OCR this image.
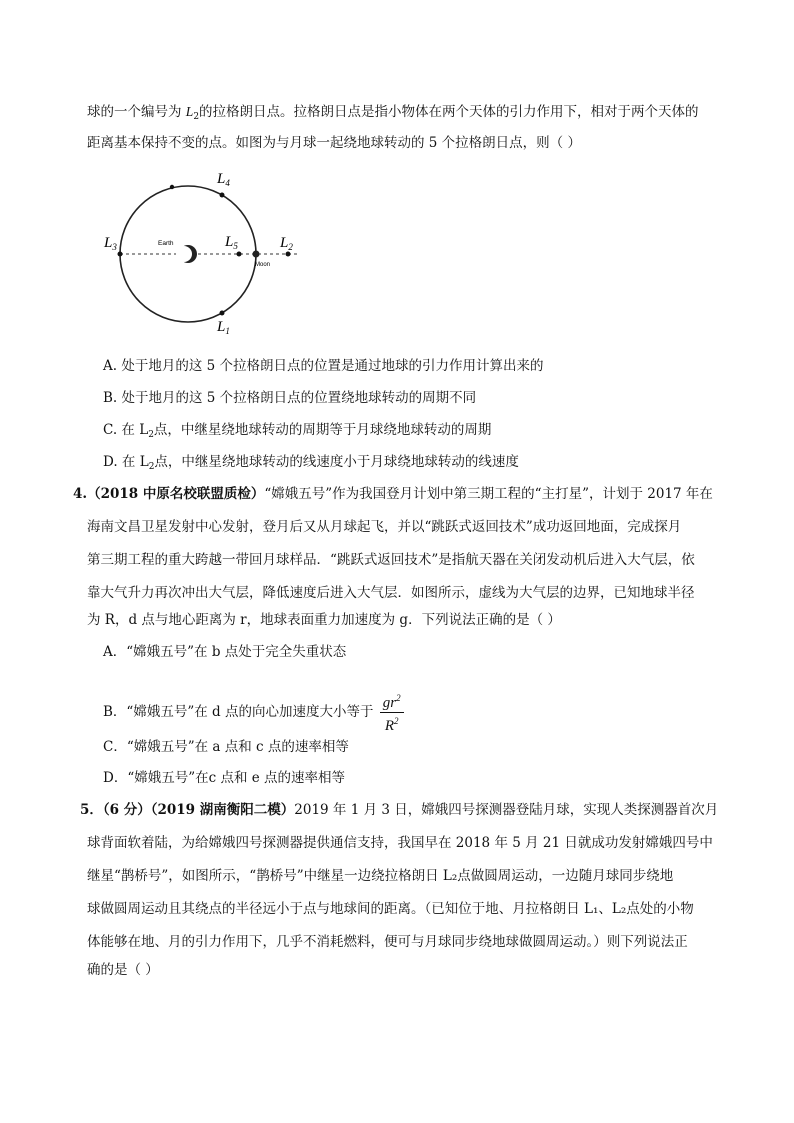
球的一个编号为 $L_2$的拉格朗日点。拉格朗日点是指小物体在两个天体的引力作用下，相对于两个天体的
距离基本保持不变的点。如图为与月球一起绕地球转动的 5 个拉格朗日点，则（ ）
Earth
Moon
$L_3$	$L_5$	$L_2$
$L_4$
$L_1$
A. 处于地月的这 5 个拉格朗日点的位置是通过地球的引力作用计算出来的
B. 处于地月的这 5 个拉格朗日点的位置绕地球转动的周期不同
C. 在 $L_2$点，中继星绕地球转动的周期等于月球绕地球转动的周期
D. 在 $L_2$点，中继星绕地球转动的线速度小于月球绕地球转动的线速度
4.（2018 中原名校联盟质检）“嫦娥五号”作为我国登月计划中第三期工程的“主打星”，计划于 2017 年在
海南文昌卫星发射中心发射，登月后又从月球起飞，并以“跳跃式返回技术”成功返回地面，完成探月
第三期工程的重大跨越一带回月球样品．“跳跃式返回技术”是指航天器在关闭发动机后进入大气层，依
靠大气升力再次冲出大气层，降低速度后进入大气层．如图所示，虚线为大气层的边界，已知地球半径
为 R，d 点与地心距离为 r，地球表面重力加速度为 g．下列说法正确的是（ ）
A．“嫦娥五号”在 b 点处于完全失重状态
B．“嫦娥五号”在 d 点的向心加速度大小等于 $\frac{gr^2}{R^2}$
C．“嫦娥五号”在 a 点和 c 点的速率相等
D．“嫦娥五号”在c 点和 e 点的速率相等
5．（6 分）（2019 湖南衡阳二模）2019 年 1 月 3 日，嫦娥四号探测器登陆月球，实现人类探测器首次月
球背面软着陆，为给嫦娥四号探测器提供通信支持，我国早在 2018 年 5 月 21 日就成功发射嫦娥四号中
继星“鹊桥号”，如图所示，“鹊桥号”中继星一边绕拉格朗日 L₂点做圆周运动，一边随月球同步绕地
球做圆周运动且其绕点的半径远小于点与地球间的距离。（已知位于地、月拉格朗日 L₁、L₂点处的小物
体能够在地、月的引力作用下，几乎不消耗燃料，便可与月球同步绕地球做圆周运动。）则下列说法正
确的是（ ）
